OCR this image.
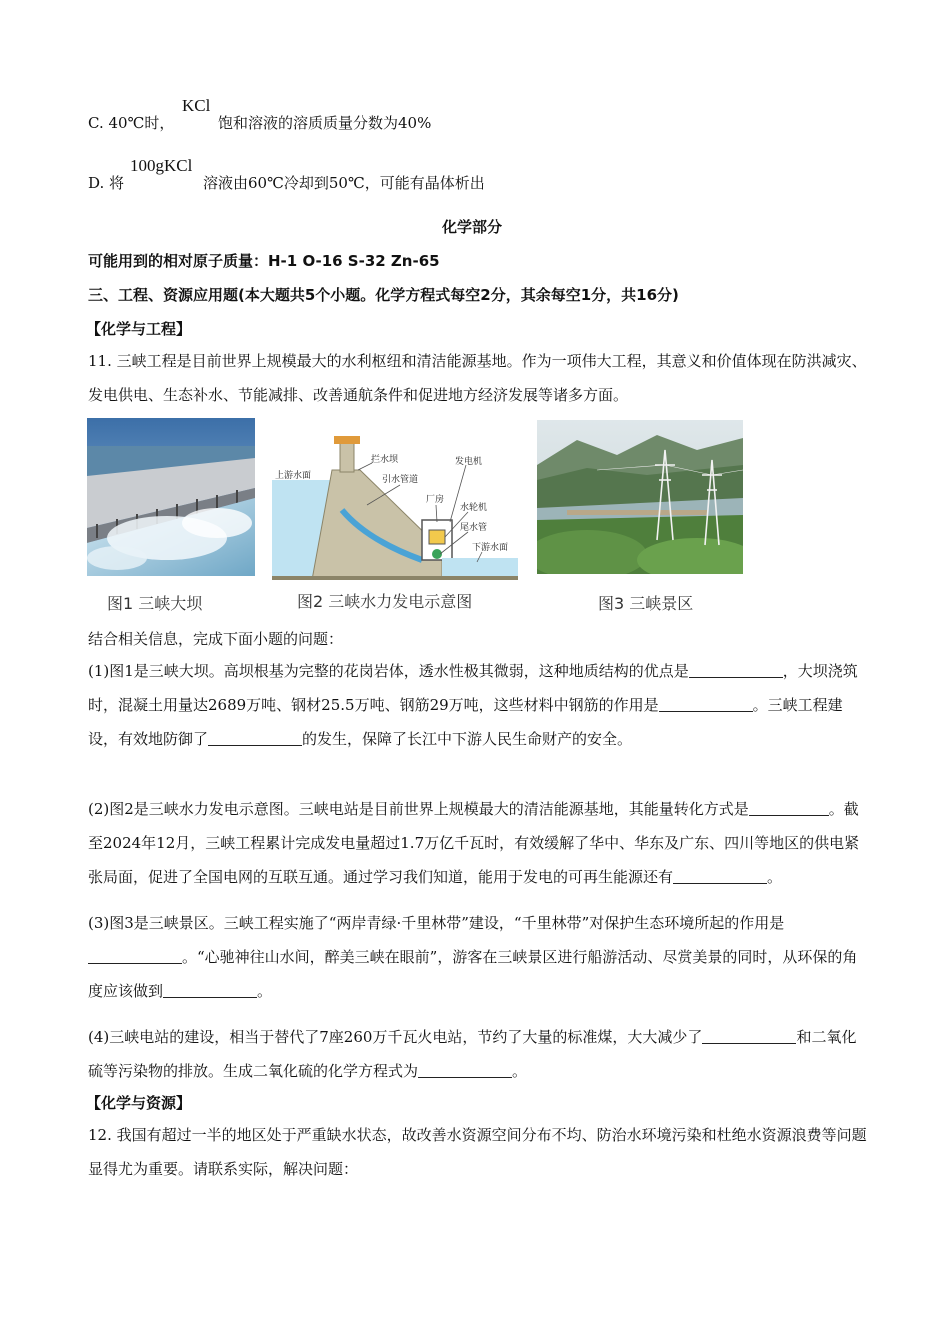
C. 40℃时，
KCl
饱和溶液的溶质质量分数为40%
D. 将
100gKCl
溶液由60℃冷却到50℃，可能有晶体析出
化学部分
可能用到的相对原子质量：H-1 O-16 S-32 Zn-65
三、工程、资源应用题(本大题共5个小题。化学方程式每空2分，其余每空1分，共16分)
【化学与工程】
11. 三峡工程是目前世界上规模最大的水利枢纽和清洁能源基地。作为一项伟大工程，其意义和价值体现在防洪减灾、发电供电、生态补水、节能减排、改善通航条件和促进地方经济发展等诸多方面。
上游水面
拦水坝
引水管道
发电机
厂房
水轮机
尾水管
下游水面
图1 三峡大坝	图2 三峡水力发电示意图	图3 三峡景区
结合相关信息，完成下面小题的问题：
(1)图1是三峡大坝。高坝根基为完整的花岗岩体，透水性极其微弱，这种地质结构的优点是	，大坝浇筑时，混凝土用量达2689万吨、钢材25.5万吨、钢筋29万吨，这些材料中钢筋的作用是	。三峡工程建设，有效地防御了	的发生，保障了长江中下游人民生命财产的安全。
(2)图2是三峡水力发电示意图。三峡电站是目前世界上规模最大的清洁能源基地，其能量转化方式是	。截至2024年12月，三峡工程累计完成发电量超过1.7万亿千瓦时，有效缓解了华中、华东及广东、四川等地区的供电紧张局面，促进了全国电网的互联互通。通过学习我们知道，能用于发电的可再生能源还有	。
(3)图3是三峡景区。三峡工程实施了“两岸青绿·千里林带”建设，“千里林带”对保护生态环境所起的作用是。“心驰神往山水间，醉美三峡在眼前”，游客在三峡景区进行船游活动、尽赏美景的同时，从环保的角度应该做到	。
(4)三峡电站的建设，相当于替代了7座260万千瓦火电站，节约了大量的标准煤，大大减少了	和二氧化硫等污染物的排放。生成二氧化硫的化学方程式为	。
【化学与资源】
12. 我国有超过一半的地区处于严重缺水状态，故改善水资源空间分布不均、防治水环境污染和杜绝水资源浪费等问题显得尤为重要。请联系实际，解决问题：
